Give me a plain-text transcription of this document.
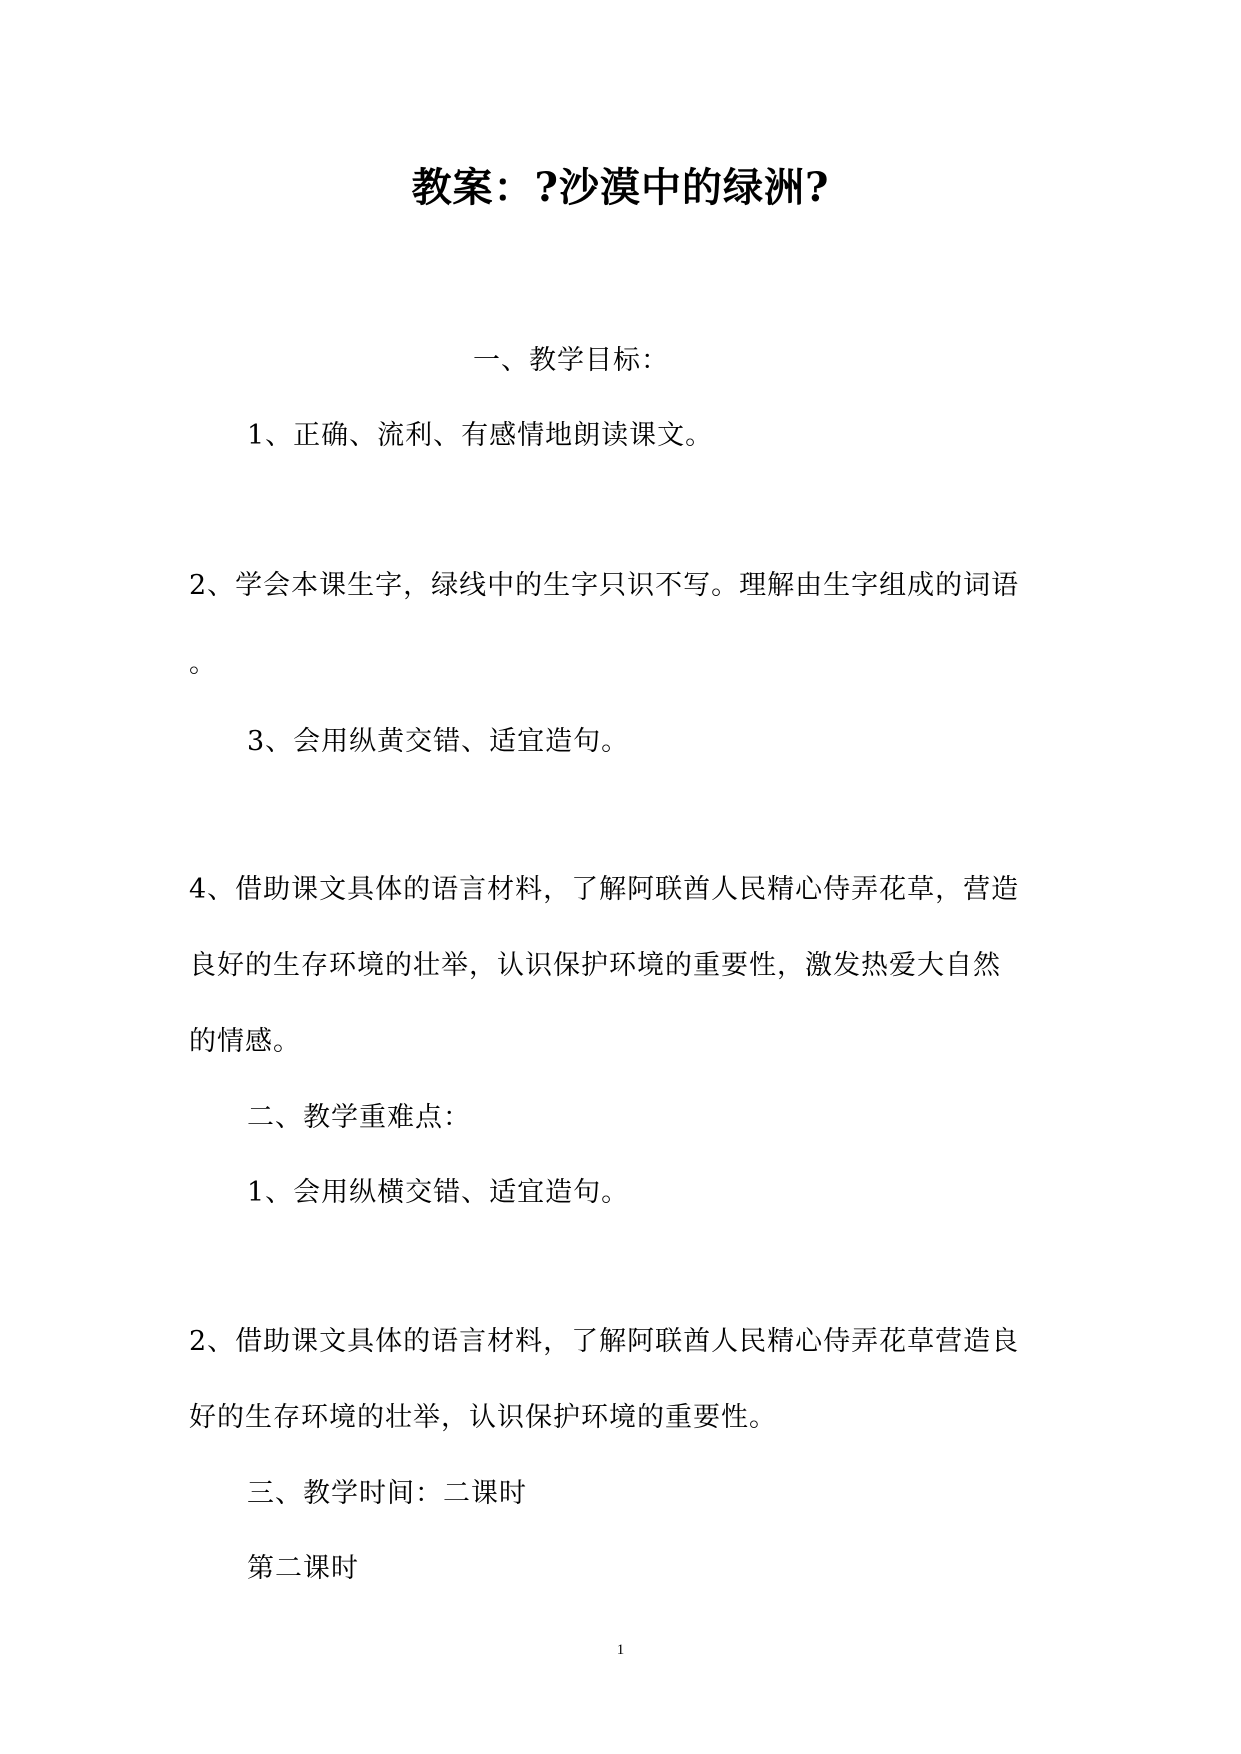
教案：?沙漠中的绿洲?
一、教学目标：
1、正确、流利、有感情地朗读课文。
2、学会本课生字，绿线中的生字只识不写。理解由生字组成的词语
。
3、会用纵黄交错、适宜造句。
4、借助课文具体的语言材料，了解阿联酋人民精心侍弄花草，营造
良好的生存环境的壮举，认识保护环境的重要性，激发热爱大自然
的情感。
二、教学重难点：
1、会用纵横交错、适宜造句。
2、借助课文具体的语言材料，了解阿联酋人民精心侍弄花草营造良
好的生存环境的壮举，认识保护环境的重要性。
三、教学时间：二课时
第二课时
1
